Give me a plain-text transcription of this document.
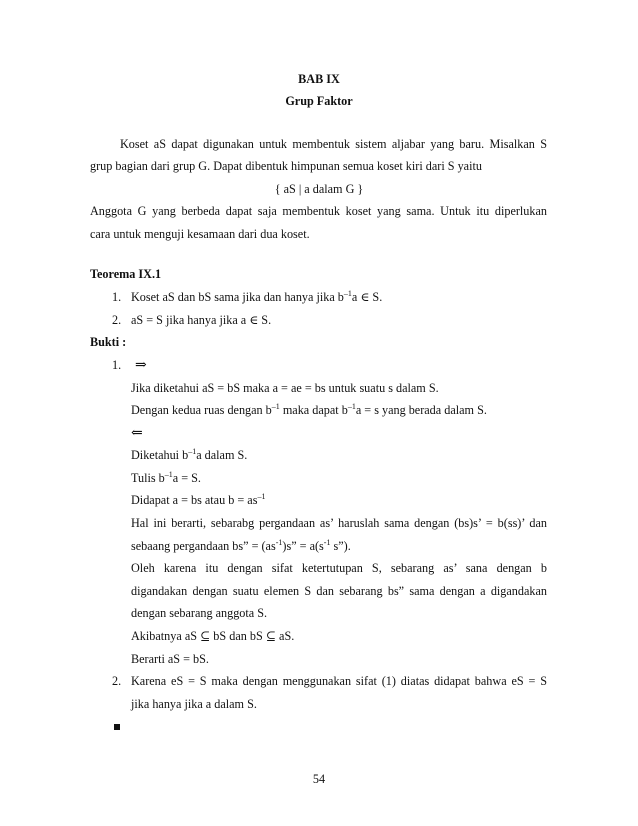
BAB IX
Grup Faktor
Koset aS dapat digunakan untuk membentuk sistem aljabar yang baru. Misalkan S
grup bagian dari grup G. Dapat dibentuk himpunan semua koset kiri dari S yaitu
{ aS | a dalam G }
Anggota G yang berbeda dapat saja membentuk koset yang sama. Untuk itu diperlukan
cara untuk menguji kesamaan dari dua koset.
Teorema IX.1
1. Koset aS dan bS sama jika dan hanya jika $b^{-1}a$ ∈ S.
2. aS = S jika hanya jika a ∈ S.
Bukti :
1. ⇒
Jika diketahui aS = bS maka a = ae = bs untuk suatu s dalam S.
Dengan kedua ruas dengan $b^{-1}$ maka dapat $b^{-1}a = s$ yang berada dalam S.
⇐
Diketahui $b^{-1}a$ dalam S.
Tulis $b^{-1}a = S$.
Didapat a = bs atau $b = as^{-1}$
Hal ini berarti, sebarabg pergandaan as’ haruslah sama dengan (bs)s’ = b(ss)’ dan
sebaang pergandaan bs” = $(as^{-1})s$” = $a(s^{-1}$ s”).
Oleh karena itu dengan sifat ketertutupan S, sebarang as’ sana dengan b
digandakan dengan suatu elemen S dan sebarang bs” sama dengan a digandakan
dengan sebarang anggota S.
Akibatnya aS ⊆ bS dan bS ⊆ aS.
Berarti aS = bS.
2. Karena eS = S maka dengan menggunakan sifat (1) diatas didapat bahwa eS = S
jika hanya jika a dalam S.
54
